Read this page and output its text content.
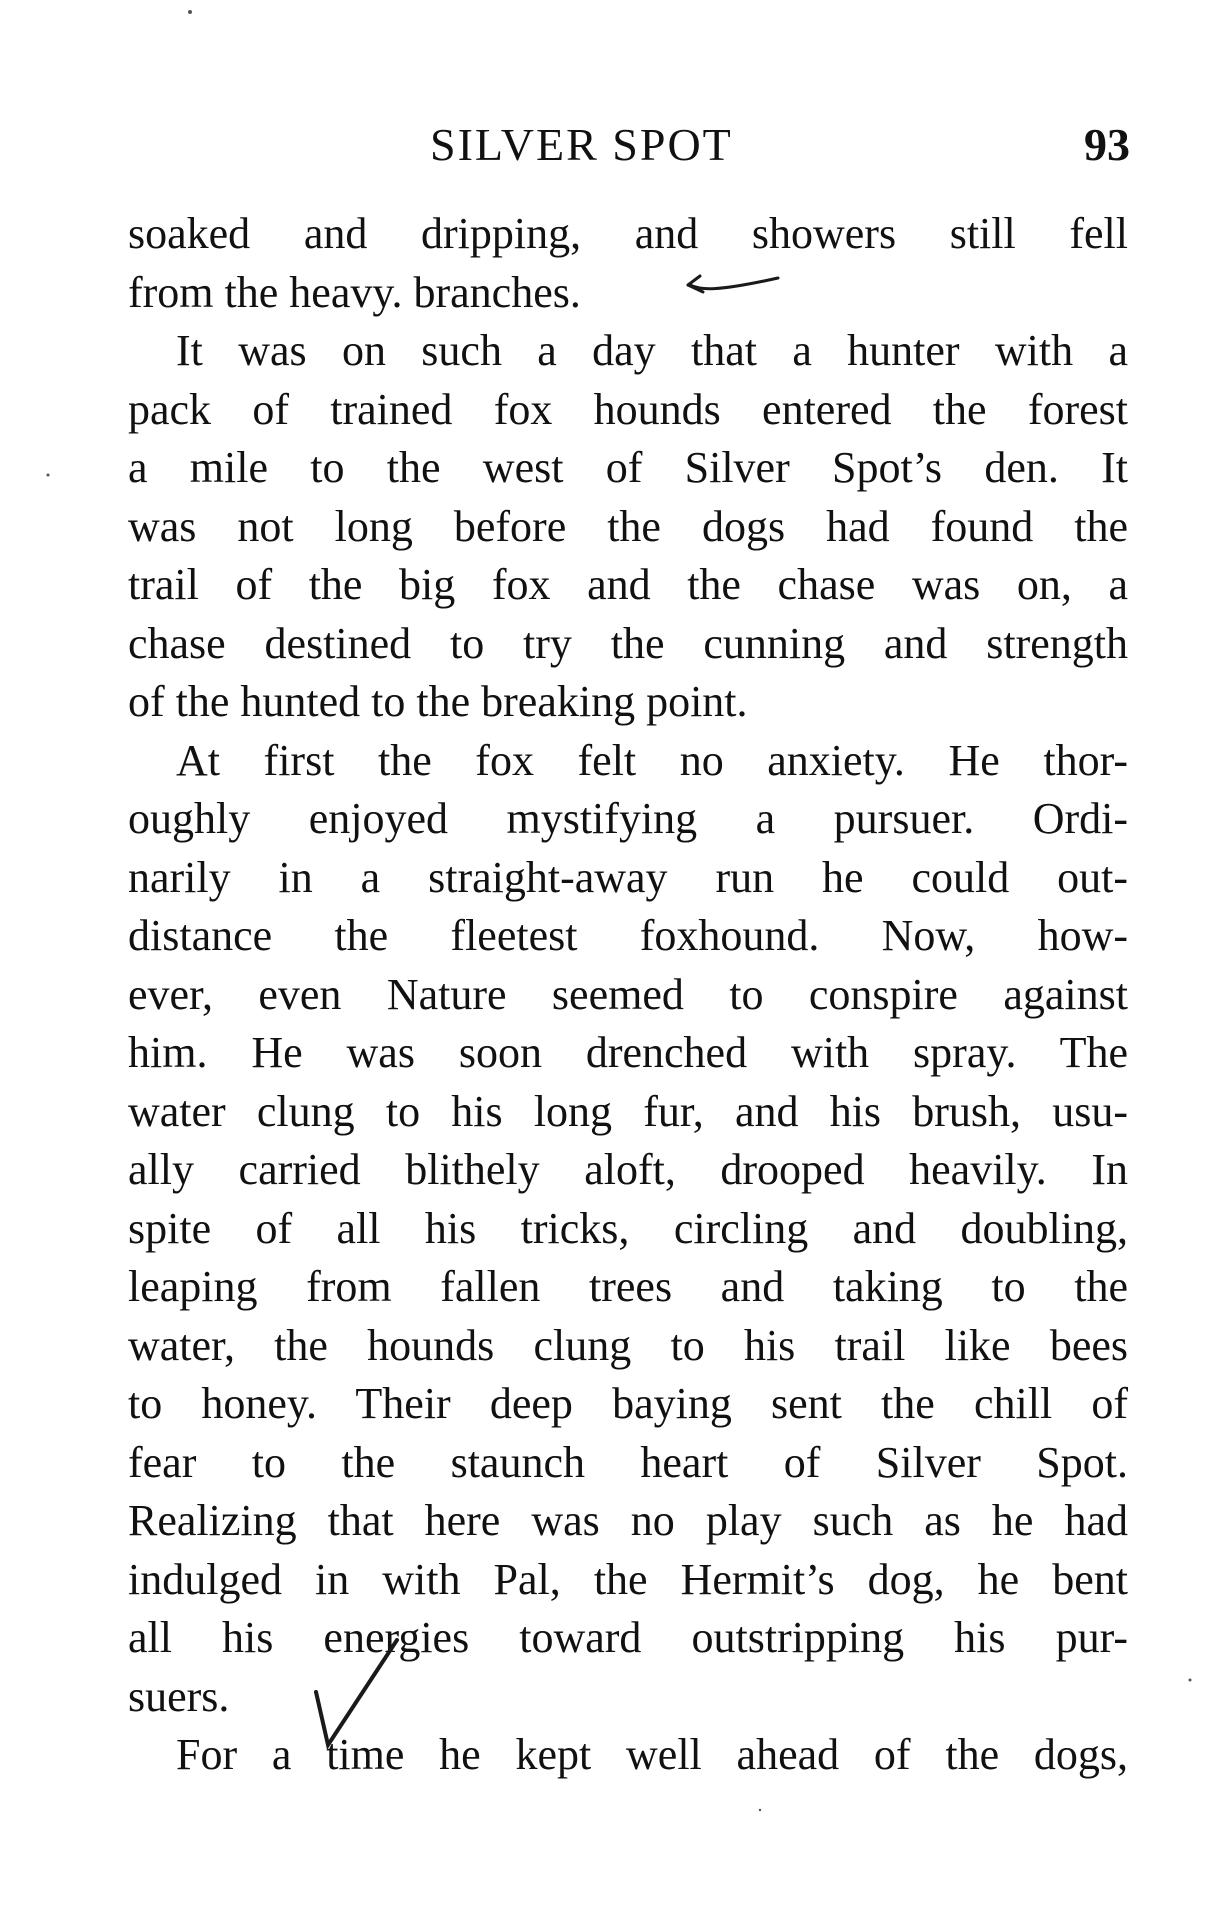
SILVER SPOT	93
soaked and dripping, and showers still fell
from the heavy. branches.
It was on such a day that a hunter with a
pack of trained fox hounds entered the forest
a mile to the west of Silver Spot’s den. It
was not long before the dogs had found the
trail of the big fox and the chase was on, a
chase destined to try the cunning and strength
of the hunted to the breaking point.
At first the fox felt no anxiety. He thor-
oughly enjoyed mystifying a pursuer. Ordi-
narily in a straight-away run he could out-
distance the fleetest foxhound. Now, how-
ever, even Nature seemed to conspire against
him. He was soon drenched with spray. The
water clung to his long fur, and his brush, usu-
ally carried blithely aloft, drooped heavily. In
spite of all his tricks, circling and doubling,
leaping from fallen trees and taking to the
water, the hounds clung to his trail like bees
to honey. Their deep baying sent the chill of
fear to the staunch heart of Silver Spot.
Realizing that here was no play such as he had
indulged in with Pal, the Hermit’s dog, he bent
all his energies toward outstripping his pur-
suers.
For a time he kept well ahead of the dogs,
